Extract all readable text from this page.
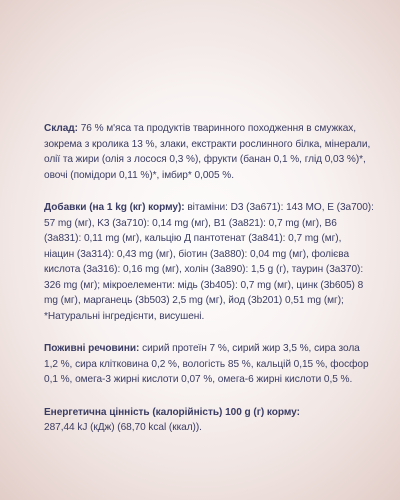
Склад: 76 % м'яса та продуктів тваринного походження в смужках, зокрема з кролика 13 %, злаки, екстракти рослинного білка, мінерали, олії та жири (олія з лосося 0,3 %), фрукти (банан 0,1 %, глід 0,03 %)*, овочі (помідори 0,11 %)*, імбир* 0,005 %.

Добавки (на 1 kg (кг) корму): вітаміни: D3 (3a671): 143 МО, E (3a700): 57 mg (мг), K3 (3a710): 0,14 mg (мг), B1 (3a821): 0,7 mg (мг), B6 (3a831): 0,11 mg (мг), кальцію Д пантотенат (3a841): 0,7 mg (мг), ніацин (3a314): 0,43 mg (мг), біотин (3a880): 0,04 mg (мг), фолієва кислота (3a316): 0,16 mg (мг), холін (3a890): 1,5 g (г), таурин (3a370): 326 mg (мг); мікроелементи: мідь (3b405): 0,7 mg (мг), цинк (3b605) 8 mg (мг), марганець (3b503) 2,5 mg (мг), йод (3b201) 0,51 mg (мг); *Натуральні інгредієнти, висушені.

Поживні речовини: сирий протеїн 7 %, сирий жир 3,5 %, сира зола 1,2 %, сира клітковина 0,2 %, вологість 85 %, кальцій 0,15 %, фосфор 0,1 %, омега-3 жирні кислоти 0,07 %, омега-6 жирні кислоти 0,5 %.

Енергетична цінність (калорійність) 100 g (г) корму:
287,44 kJ (кДж) (68,70 kcal (ккал)).
